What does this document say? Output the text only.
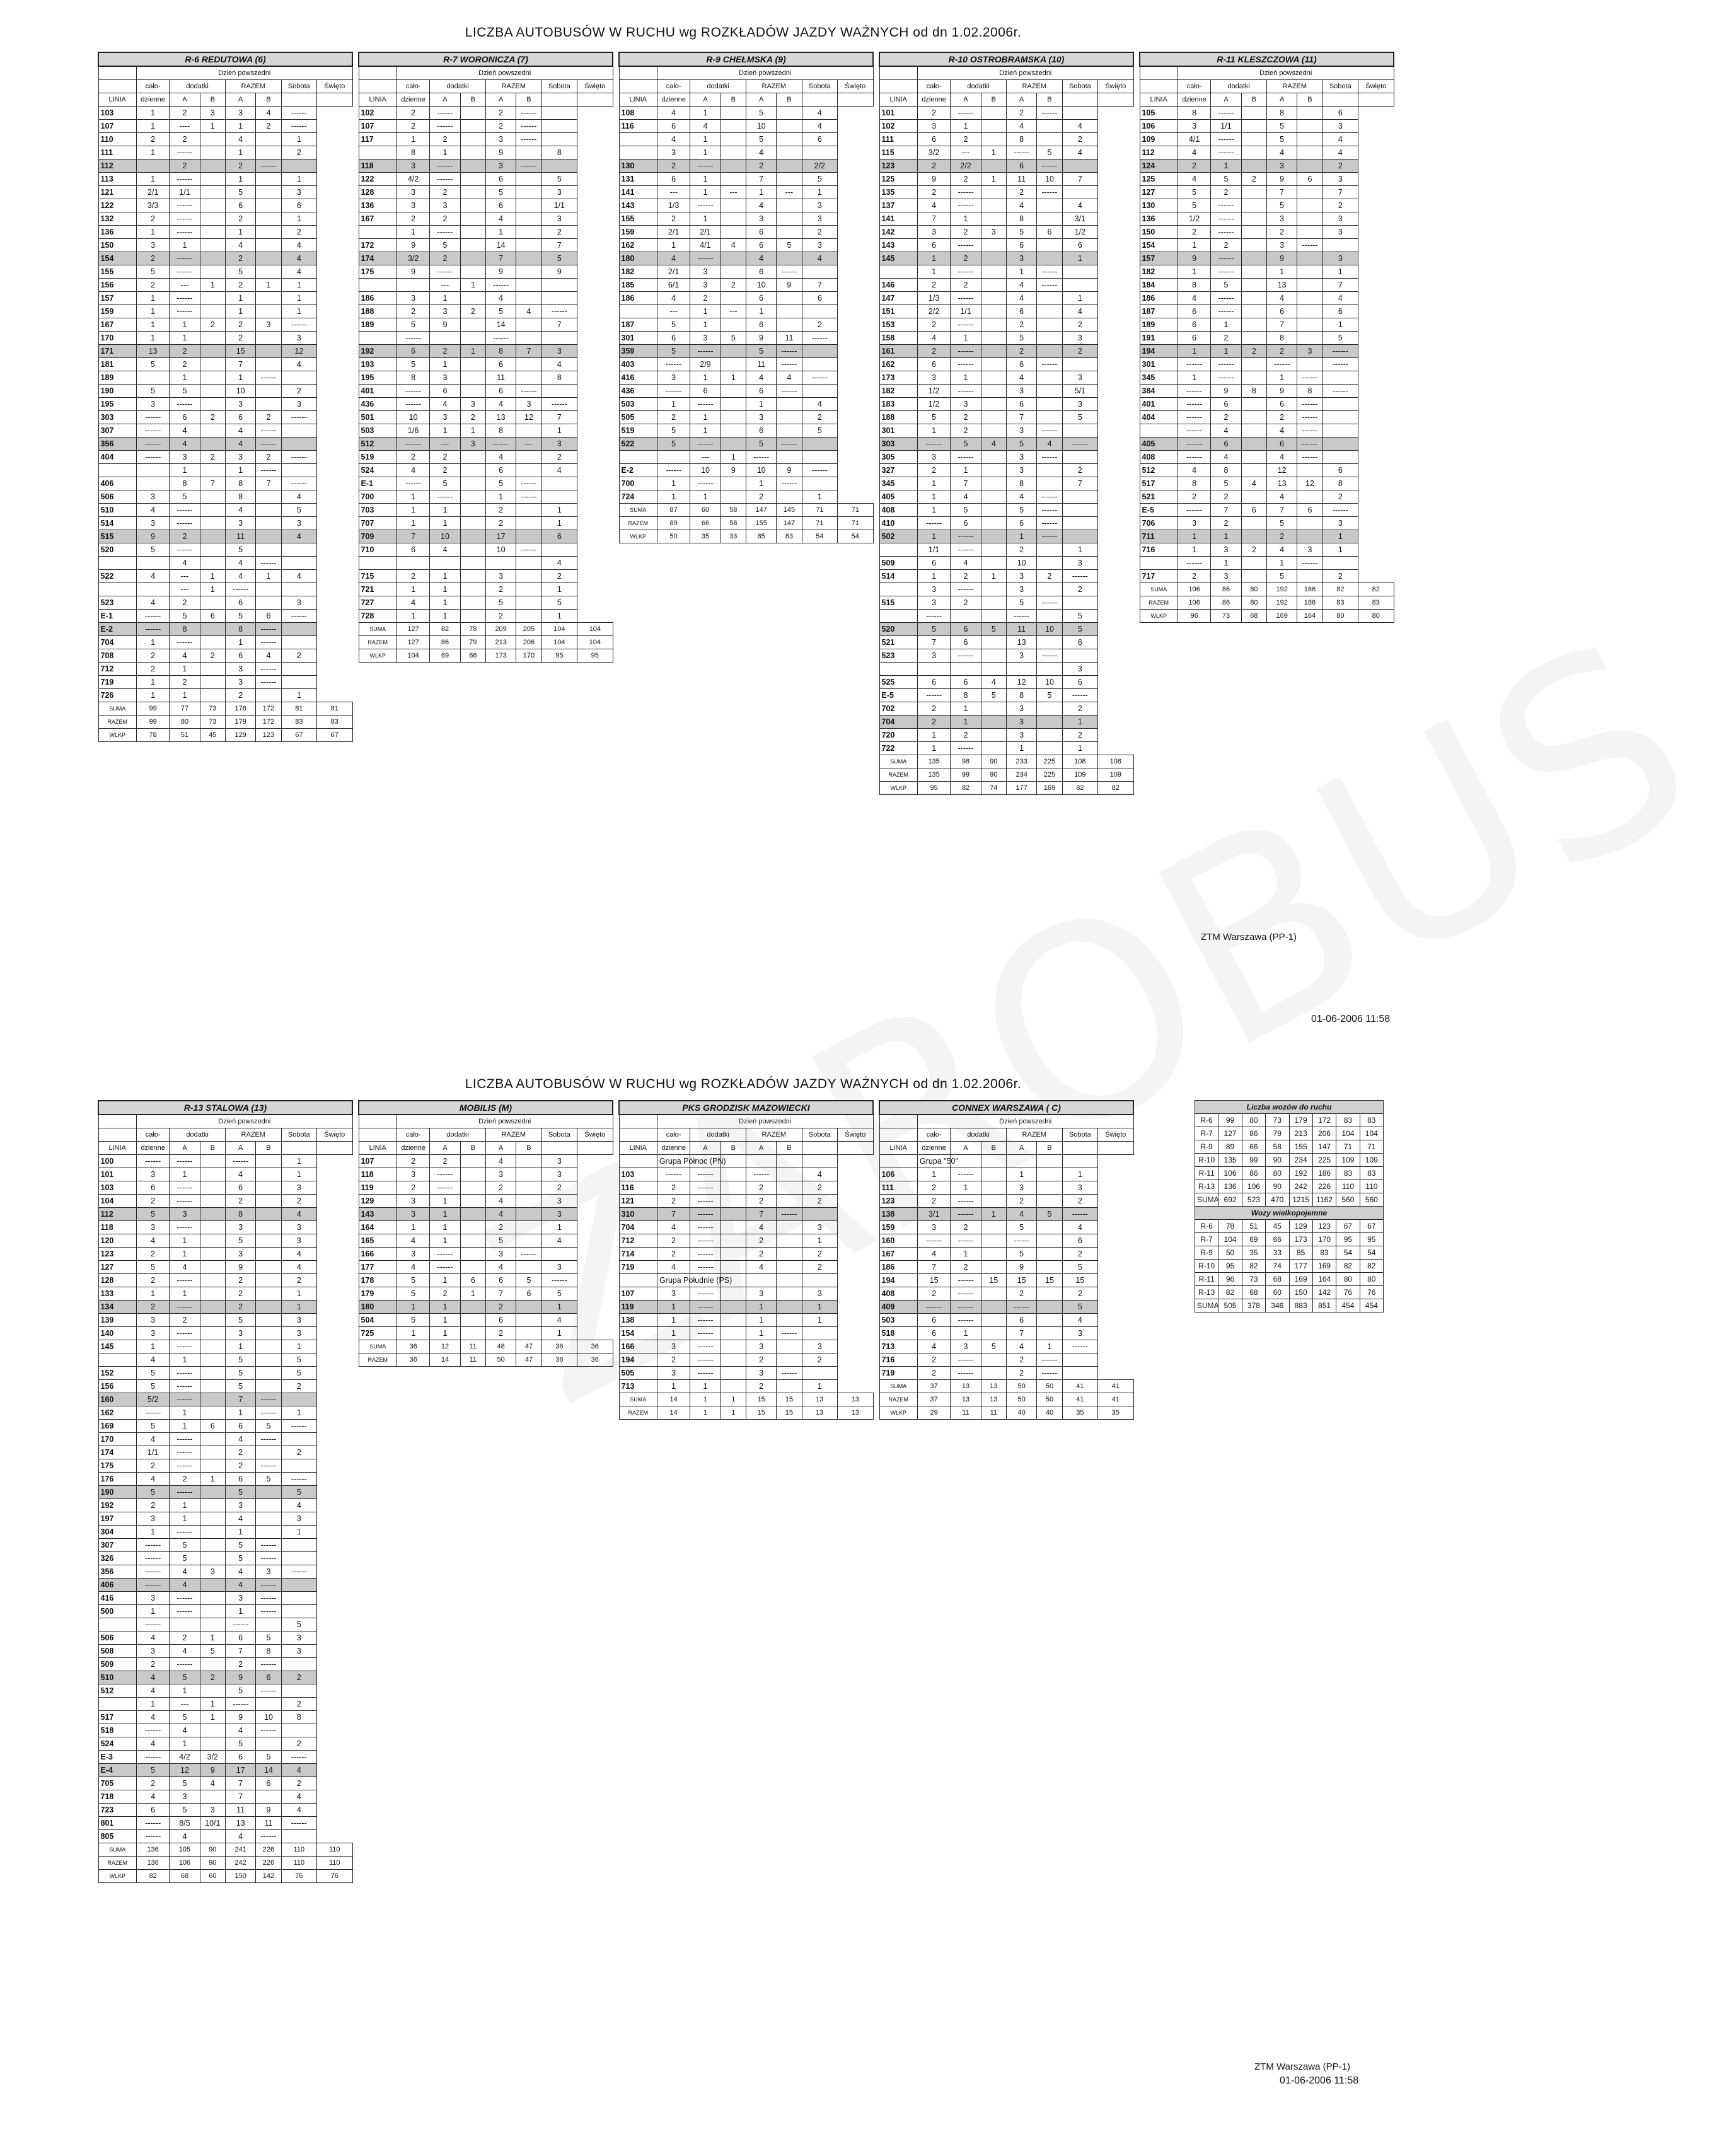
LICZBA AUTOBUSÓW W RUCHU wg ROZKŁADÓW JAZDY WAŻNYCH od dn 1.02.2006r.
R-6 REDUTOWA (6)							
	Dzień powszedni						
	cało-	dodatki		RAZEM		Sobota	Święto
LINIA	dzienne	A	B	A	B		
103	1	2	3	3	4	------	
107	1	----	1	1	2	------	
110	2	2		4		1	
111	1	------		1		2	
112		2		2	------		
113	1	------		1		1	
121	2/1	1/1		5		3	
122	3/3	------		6		6	
132	2	------		2		1	
136	1	------		1		2	
150	3	1		4		4	
154	2	------		2		4	
155	5	------		5		4	
156	2	---	1	2	1	1	
157	1	------		1		1	
159	1	------		1		1	
167	1	1	2	2	3	------	
170	1	1		2		3	
171	13	2		15		12	
181	5	2		7		4	
189		1		1	------		
190	5	5		10		2	
195	3	------		3		3	
303	------	6	2	6	2	------	
307	------	4		4	------		
356	------	4		4	------		
404	------	3	2	3	2	------	
		1		1	------		
406		8	7	8	7	------	
506	3	5		8		4	
510	4	------		4		5	
514	3	------		3		3	
515	9	2		11		4	
520	5	------		5			
		4		4	------		
522	4	---	1	4	1	4	
		---	1	------			
523	4	2		6		3	
E-1	------	5	6	5	6	------	
E-2	------	8		8	------		
704	1	------		1	------		
708	2	4	2	6	4	2	
712	2	1		3	------		
719	1	2		3	------		
726	1	1		2		1	
SUMA	99	77	73	176	172	81	81
RAZEM	99	80	73	179	172	83	83
WLKP	78	51	45	129	123	67	67
R-7 WORONICZA (7)							
	Dzień powszedni						
	cało-	dodatki		RAZEM		Sobota	Święto
LINIA	dzienne	A	B	A	B		
102	2	------		2	------		
107	2	------		2	------		
117	1	2		3	------		
	8	1		9		8	
118	3	------		3	------		
122	4/2	------		6		5	
128	3	2		5		3	
136	3	3		6		1/1	
167	2	2		4		3	
	1	------		1		2	
172	9	5		14		7	
174	3/2	2		7		5	
175	9	------		9		9	
		---	1	------			
186	3	1		4			
188	2	3	2	5	4	------	
189	5	9		14		7	
	------			------			
192	6	2	1	8	7	3	
193	5	1		6		4	
195	8	3		11		8	
401	------	6		6	------		
436	------	4	3	4	3	------	
501	10	3	2	13	12	7	
503	1/6	1	1	8		1	
512	------	---	3	------	---	3	
519	2	2		4		2	
524	4	2		6		4	
E-1	------	5		5	------		
700	1	------		1	------		
703	1	1		2		1	
707	1	1		2		1	
709	7	10		17		6	
710	6	4		10	------		
						4	
715	2	1		3		2	
721	1	1		2		1	
727	4	1		5		5	
728	1	1		2		1	
SUMA	127	82	78	209	205	104	104
RAZEM	127	86	79	213	206	104	104
WLKP	104	69	66	173	170	95	95
R-9 CHEŁMSKA (9)							
	Dzień powszedni						
	cało-	dodatki		RAZEM		Sobota	Święto
LINIA	dzienne	A	B	A	B		
108	4	1		5		4	
116	6	4		10		4	
	4	1		5		6	
	3	1		4			
130	2	------		2		2/2	
131	6	1		7		5	
141	---	1	---	1	---	1	
143	1/3	------		4		3	
155	2	1		3		3	
159	2/1	2/1		6		2	
162	1	4/1	4	6	5	3	
180	4	------		4		4	
182	2/1	3		6	------		
185	6/1	3	2	10	9	7	
186	4	2		6		6	
	---	1	---	1			
187	5	1		6		2	
301	6	3	5	9	11	------	
359	5	------		5	------		
403	------	2/9		11	------		
416	3	1	1	4	4	------	
436	------	6		6	------		
503	1	------		1		4	
505	2	1		3		2	
519	5	1		6		5	
522	5	------		5	------		
		---	1	------			
E-2	------	10	9	10	9	------	
700	1	------		1	------		
724	1	1		2		1	
SUMA	87	60	58	147	145	71	71
RAZEM	89	66	58	155	147	71	71
WLKP	50	35	33	85	83	54	54
R-10 OSTROBRAMSKA (10)							
	Dzień powszedni						
	cało-	dodatki		RAZEM		Sobota	Święto
LINIA	dzienne	A	B	A	B		
101	2	------		2	------		
102	3	1		4		4	
111	6	2		8		2	
115	3/2	---	1	------	5	4	
123	2	2/2		6	------		
125	9	2	1	11	10	7	
135	2	------		2	------		
137	4	------		4		4	
141	7	1		8		3/1	
142	3	2	3	5	6	1/2	
143	6	------		6		6	
145	1	2		3		1	
	1	------		1	------		
146	2	2		4	------		
147	1/3	------		4		1	
151	2/2	1/1		6		4	
153	2	------		2		2	
158	4	1		5		3	
161	2	------		2		2	
162	6	------		6	------		
173	3	1		4		3	
182	1/2	------		3		5/1	
183	1/2	3		6		3	
188	5	2		7		5	
301	1	2		3	------		
303	------	5	4	5	4	------	
305	3	------		3	------		
327	2	1		3		2	
345	1	7		8		7	
405	1	4		4	------		
408	1	5		5	------		
410	------	6		6	------		
502	1	------		1	------		
	1/1	------		2		1	
509	6	4		10		3	
514	1	2	1	3	2	------	
	3	------		3		2	
515	3	2		5	------		
	------			------		5	
520	5	6	5	11	10	5	
521	7	6		13		6	
523	3	------		3	------		
						3	
525	6	6	4	12	10	6	
E-5	------	8	5	8	5	------	
702	2	1		3		2	
704	2	1		3		1	
720	1	2		3		2	
722	1	------		1		1	
SUMA	135	98	90	233	225	108	108
RAZEM	135	99	90	234	225	109	109
WLKP	95	82	74	177	169	82	82
R-11 KLESZCZOWA (11)							
	Dzień powszedni						
	cało-	dodatki		RAZEM		Sobota	Święto
LINIA	dzienne	A	B	A	B		
105	8	------		8		6	
106	3	1/1		5		3	
109	4/1	------		5		4	
112	4	------		4		4	
124	2	1		3		2	
125	4	5	2	9	6	3	
127	5	2		7		7	
130	5	------		5		2	
136	1/2	------		3		3	
150	2	------		2		3	
154	1	2		3	------		
157	9	------		9		3	
182	1	------		1		1	
184	8	5		13		7	
186	4	------		4		4	
187	6	------		6		6	
189	6	1		7		1	
191	6	2		8		5	
194	1	1	2	2	3	------	
301	------	------		------		------	
345	1	------		1	------		
384	------	9	8	9	8	------	
401	------	6		6	------		
404	------	2		2	------		
	------	4		4	------		
405	------	6		6	------		
408	------	4		4	------		
512	4	8		12		6	
517	8	5	4	13	12	8	
521	2	2		4		2	
E-5	------	7	6	7	6	------	
706	3	2		5		3	
711	1	1		2		1	
716	1	3	2	4	3	1	
	------	1		1	------		
717	2	3		5		2	
SUMA	106	86	80	192	186	82	82
RAZEM	106	86	80	192	186	83	83
WLKP	96	73	68	169	164	80	80
ZTM Warszawa (PP-1)
01-06-2006 11:58
LICZBA AUTOBUSÓW W RUCHU wg ROZKŁADÓW JAZDY WAŻNYCH od dn 1.02.2006r.
R-13 STALOWA (13)							
	Dzień powszedni						
	cało-	dodatki		RAZEM		Sobota	Święto
LINIA	dzienne	A	B	A	B		
100	------	------		------		1	
101	3	1		4		1	
103	6	------		6		3	
104	2	------		2		2	
112	5	3		8		4	
118	3	------		3		3	
120	4	1		5		3	
123	2	1		3		4	
127	5	4		9		4	
128	2	------		2		2	
133	1	1		2		1	
134	2	------		2		1	
139	3	2		5		3	
140	3	------		3		3	
145	1	------		1		1	
	4	1		5		5	
152	5	------		5		5	
156	5	------		5		2	
160	5/2	------		7	------		
162	------	1		1	------	1	
169	5	1	6	6	5	------	
170	4	------		4	------		
174	1/1	------		2		2	
175	2	------		2	------		
176	4	2	1	6	5	------	
190	5	------		5		5	
192	2	1		3		4	
197	3	1		4		3	
304	1	------		1		1	
307	------	5		5	------		
326	------	5		5	------		
356	------	4	3	4	3	------	
406	------	4		4	------		
416	3	------		3	------		
500	1	------		1	------		
	------			------		5	
506	4	2	1	6	5	3	
508	3	4	5	7	8	3	
509	2	------		2	------		
510	4	5	2	9	6	2	
512	4	1		5	------		
	1	---	1	------		2	
517	4	5	1	9	10	8	
518	------	4		4	------		
524	4	1		5		2	
E-3	------	4/2	3/2	6	5	------	
E-4	5	12	9	17	14	4	
705	2	5	4	7	6	2	
718	4	3		7		4	
723	6	5	3	11	9	4	
801	------	8/5	10/1	13	11	------	
805	------	4		4	------		
SUMA	136	105	90	241	226	110	110
RAZEM	136	106	90	242	226	110	110
WLKP	82	68	60	150	142	76	76
MOBILIS (M)							
	Dzień powszedni						
	cało-	dodatki		RAZEM		Sobota	Święto
LINIA	dzienne	A	B	A	B		
107	2	2		4		3	
118	3	------		3		3	
119	2	------		2		2	
129	3	1		4		3	
143	3	1		4		3	
164	1	1		2		1	
165	4	1		5		4	
166	3	------		3	------		
177	4	------		4		3	
178	5	1	6	6	5	------	
179	5	2	1	7	6	5	
180	1	1		2		1	
504	5	1		6		4	
725	1	1		2		1	
SUMA	36	12	11	48	47	36	36
RAZEM	36	14	11	50	47	36	36
PKS GRODZISK MAZOWIECKI							
	Dzień powszedni						
	cało-	dodatki		RAZEM		Sobota	Święto
LINIA	dzienne	A	B	A	B		
	Grupa Północ (PN)						
103	------	------		------		4	
116	2	------		2		2	
121	2	------		2		2	
310	7	------		7	------		
704	4	------		4		3	
712	2	------		2		1	
714	2	------		2		2	
719	4	------		4		2	
	Grupa Południe (PS)						
107	3	------		3		3	
119	1	------		1		1	
138	1	------		1		1	
154	1	------		1	------		
166	3	------		3		3	
194	2	------		2		2	
505	3	------		3	------		
713	1	1		2		1	
SUMA	14	1	1	15	15	13	13
RAZEM	14	1	1	15	15	13	13
CONNEX WARSZAWA ( C)							
	Dzień powszedni						
	cało-	dodatki		RAZEM		Sobota	Święto
LINIA	dzienne	A	B	A	B		
	Grupa "50"						
106	1	------		1		1	
111	2	1		3		3	
123	2	------		2		2	
138	3/1	------	1	4	5	------	
159	3	2		5		4	
160	------	------		------		6	
167	4	1		5		2	
186	7	2		9		5	
194	15	------	15	15	15	15	
408	2	------		2		2	
409	------	------		------		5	
503	6	------		6		4	
518	6	1		7		3	
713	4	3	5	4	1	------	
716	2	------		2	------		
719	2	------		2	------		
SUMA	37	13	13	50	50	41	41
RAZEM	37	13	13	50	50	41	41
WLKP	29	11	11	40	40	35	35
Liczba wozów do ruchu							
R-6	99	80	73	179	172	83	83
R-7	127	86	79	213	206	104	104
R-9	89	66	58	155	147	71	71
R-10	135	99	90	234	225	109	109
R-11	106	86	80	192	186	83	83
R-13	136	106	90	242	226	110	110
SUMA	692	523	470	1215	1162	560	560
Wozy wielkopojemne							
R-6	78	51	45	129	123	67	67
R-7	104	69	66	173	170	95	95
R-9	50	35	33	85	83	54	54
R-10	95	82	74	177	169	82	82
R-11	96	73	68	169	164	80	80
R-13	82	68	60	150	142	76	76
SUMA	505	378	346	883	851	454	454
ZTM Warszawa (PP-1)
01-06-2006 11:58
